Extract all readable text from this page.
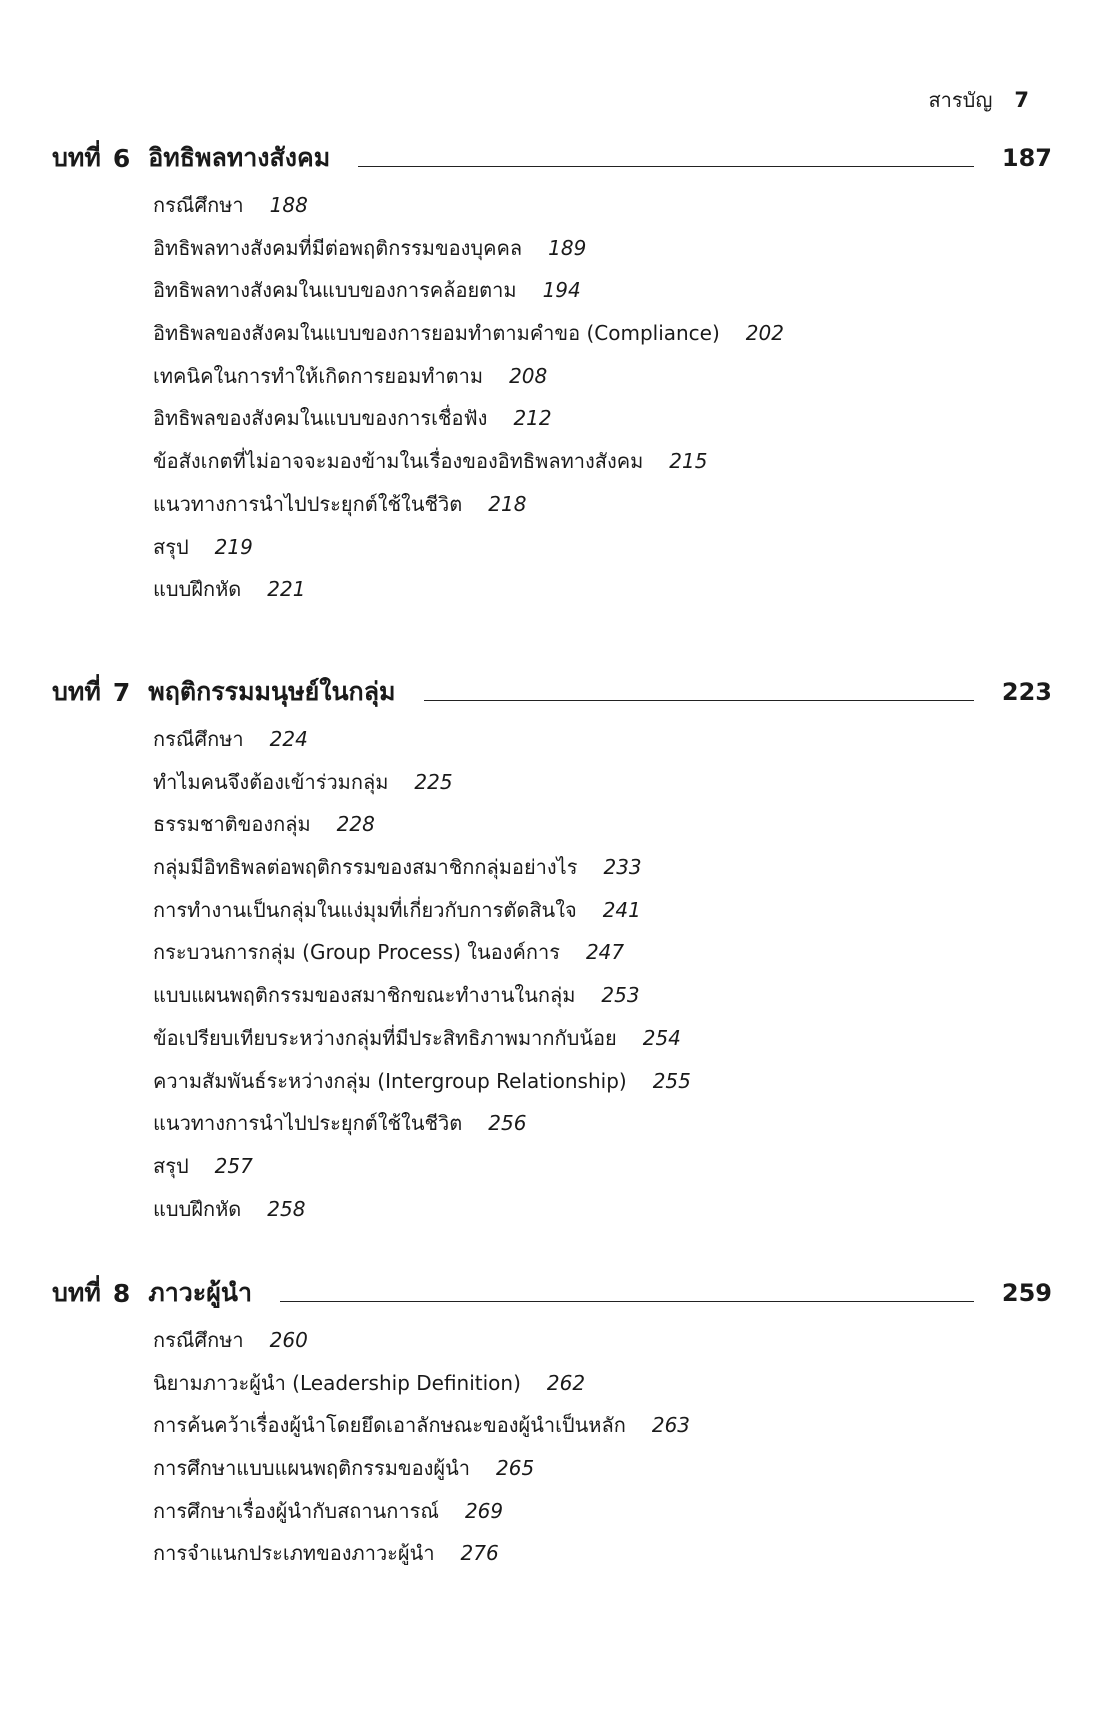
สารบัญ 7
บทที่ 6 อิทธิพลทางสังคม	187
กรณีศึกษา 188
อิทธิพลทางสังคมที่มีต่อพฤติกรรมของบุคคล 189
อิทธิพลทางสังคมในแบบของการคล้อยตาม 194
อิทธิพลของสังคมในแบบของการยอมทำตามคำขอ (Compliance) 202
เทคนิคในการทำให้เกิดการยอมทำตาม 208
อิทธิพลของสังคมในแบบของการเชื่อฟัง 212
ข้อสังเกตที่ไม่อาจจะมองข้ามในเรื่องของอิทธิพลทางสังคม 215
แนวทางการนำไปประยุกต์ใช้ในชีวิต 218
สรุป 219
แบบฝึกหัด 221
บทที่ 7 พฤติกรรมมนุษย์ในกลุ่ม	223
กรณีศึกษา 224
ทำไมคนจึงต้องเข้าร่วมกลุ่ม 225
ธรรมชาติของกลุ่ม 228
กลุ่มมีอิทธิพลต่อพฤติกรรมของสมาชิกกลุ่มอย่างไร 233
การทำงานเป็นกลุ่มในแง่มุมที่เกี่ยวกับการตัดสินใจ 241
กระบวนการกลุ่ม (Group Process) ในองค์การ 247
แบบแผนพฤติกรรมของสมาชิกขณะทำงานในกลุ่ม 253
ข้อเปรียบเทียบระหว่างกลุ่มที่มีประสิทธิภาพมากกับน้อย 254
ความสัมพันธ์ระหว่างกลุ่ม (Intergroup Relationship) 255
แนวทางการนำไปประยุกต์ใช้ในชีวิต 256
สรุป 257
แบบฝึกหัด 258
บทที่ 8 ภาวะผู้นำ	259
กรณีศึกษา 260
นิยามภาวะผู้นำ (Leadership Definition) 262
การค้นคว้าเรื่องผู้นำโดยยึดเอาลักษณะของผู้นำเป็นหลัก 263
การศึกษาแบบแผนพฤติกรรมของผู้นำ 265
การศึกษาเรื่องผู้นำกับสถานการณ์ 269
การจำแนกประเภทของภาวะผู้นำ 276
